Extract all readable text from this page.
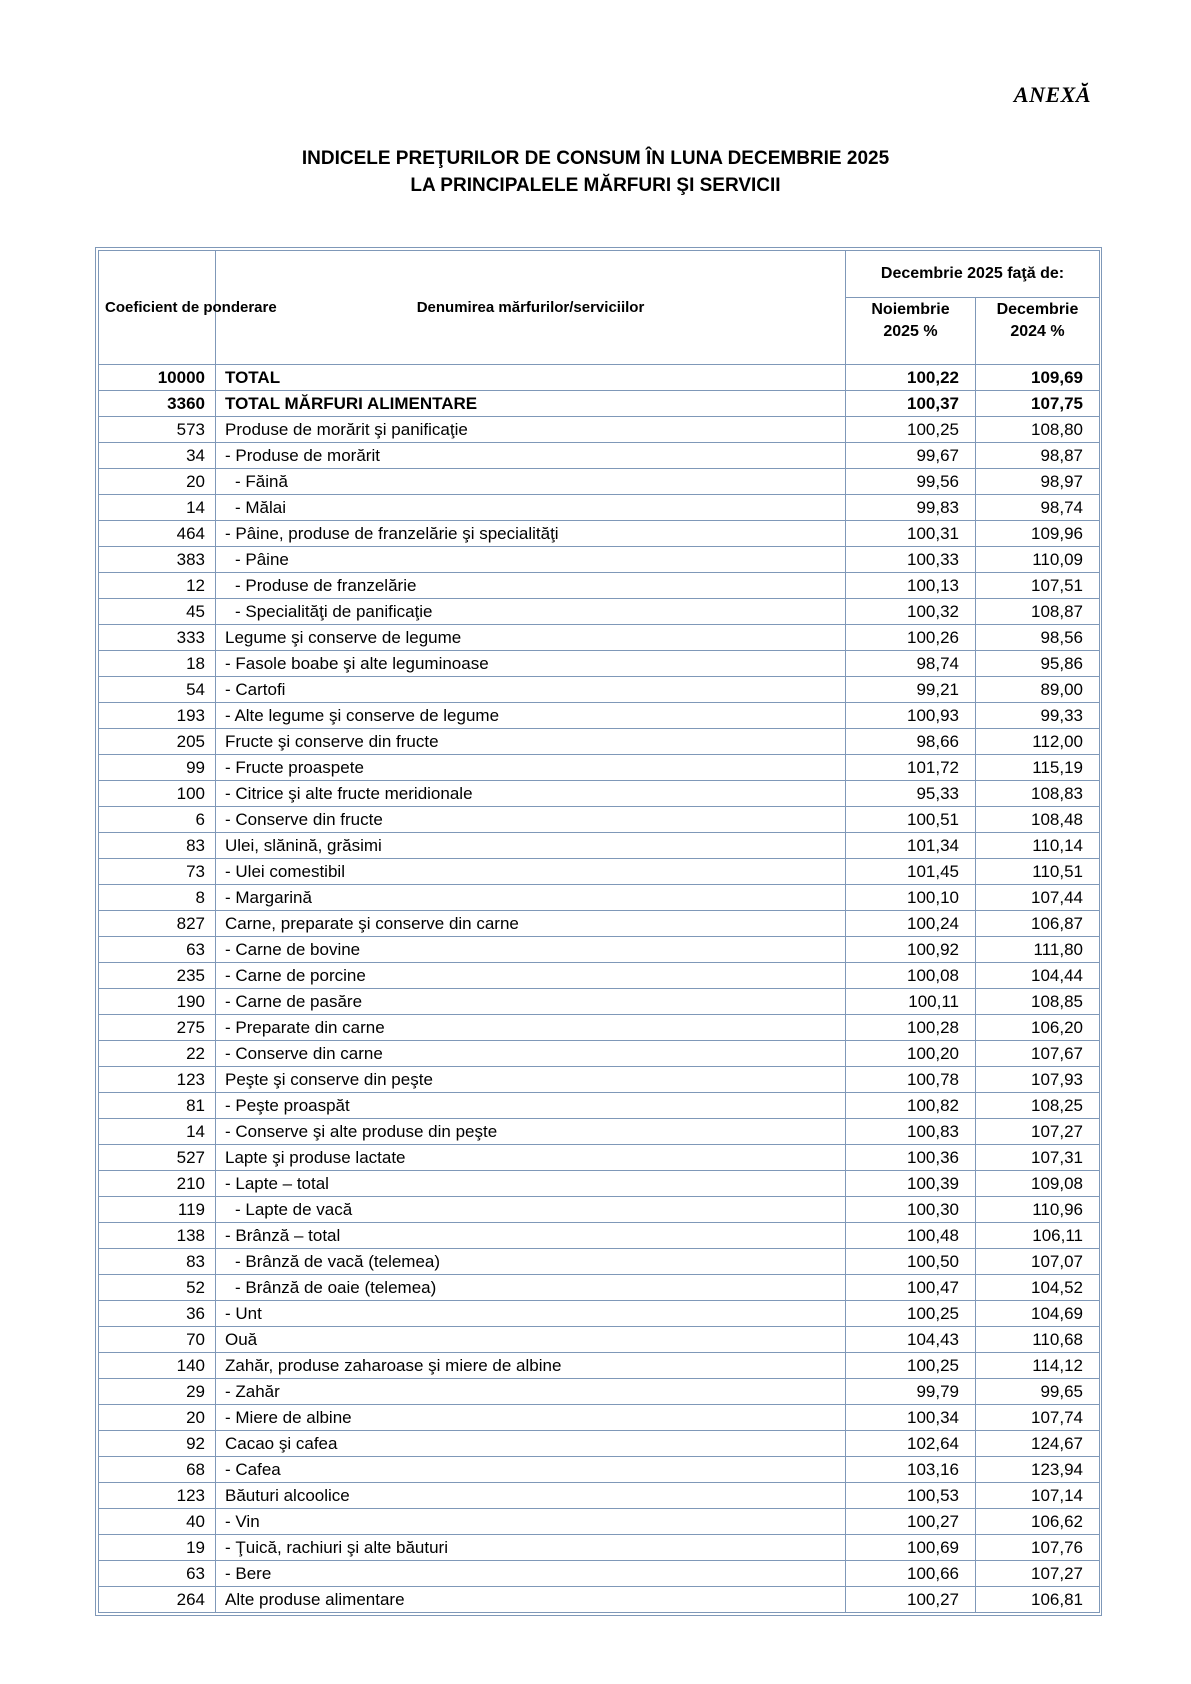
ANEXĂ
INDICELE PREŢURILOR DE CONSUM ÎN LUNA DECEMBRIE 2025
LA PRINCIPALELE MĂRFURI ŞI SERVICII
Coeficient de ponderare	Denumirea mărfurilor/serviciilor	Decembrie 2025 faţă de:	

		Noiembrie 2025 %	Decembrie 2024 %

10000	TOTAL	100,22	109,69
3360	TOTAL MĂRFURI ALIMENTARE	100,37	107,75
573	Produse de morărit şi panificaţie	100,25	108,80
34	- Produse de morărit	99,67	98,87
20	- Făină	99,56	98,97
14	- Mălai	99,83	98,74
464	- Pâine, produse de franzelărie şi specialităţi	100,31	109,96
383	- Pâine	100,33	110,09
12	- Produse de franzelărie	100,13	107,51
45	- Specialităţi de panificaţie	100,32	108,87
333	Legume şi conserve de legume	100,26	98,56
18	- Fasole boabe şi alte leguminoase	98,74	95,86
54	- Cartofi	99,21	89,00
193	- Alte legume şi conserve de legume	100,93	99,33
205	Fructe şi conserve din fructe	98,66	112,00
99	- Fructe proaspete	101,72	115,19
100	- Citrice şi alte fructe meridionale	95,33	108,83
6	- Conserve din fructe	100,51	108,48
83	Ulei, slănină, grăsimi	101,34	110,14
73	- Ulei comestibil	101,45	110,51
8	- Margarină	100,10	107,44
827	Carne, preparate şi conserve din carne	100,24	106,87
63	- Carne de bovine	100,92	111,80
235	- Carne de porcine	100,08	104,44
190	- Carne de pasăre	100,11	108,85
275	- Preparate din carne	100,28	106,20
22	- Conserve din carne	100,20	107,67
123	Peşte şi conserve din peşte	100,78	107,93
81	- Peşte proaspăt	100,82	108,25
14	- Conserve şi alte produse din peşte	100,83	107,27
527	Lapte şi produse lactate	100,36	107,31
210	- Lapte – total	100,39	109,08
119	- Lapte de vacă	100,30	110,96
138	- Brânză – total	100,48	106,11
83	- Brânză de vacă (telemea)	100,50	107,07
52	- Brânză de oaie (telemea)	100,47	104,52
36	- Unt	100,25	104,69
70	Ouă	104,43	110,68
140	Zahăr, produse zaharoase şi miere de albine	100,25	114,12
29	- Zahăr	99,79	99,65
20	- Miere de albine	100,34	107,74
92	Cacao şi cafea	102,64	124,67
68	- Cafea	103,16	123,94
123	Băuturi alcoolice	100,53	107,14
40	- Vin	100,27	106,62
19	- Ţuică, rachiuri şi alte băuturi	100,69	107,76
63	- Bere	100,66	107,27
264	Alte produse alimentare	100,27	106,81
